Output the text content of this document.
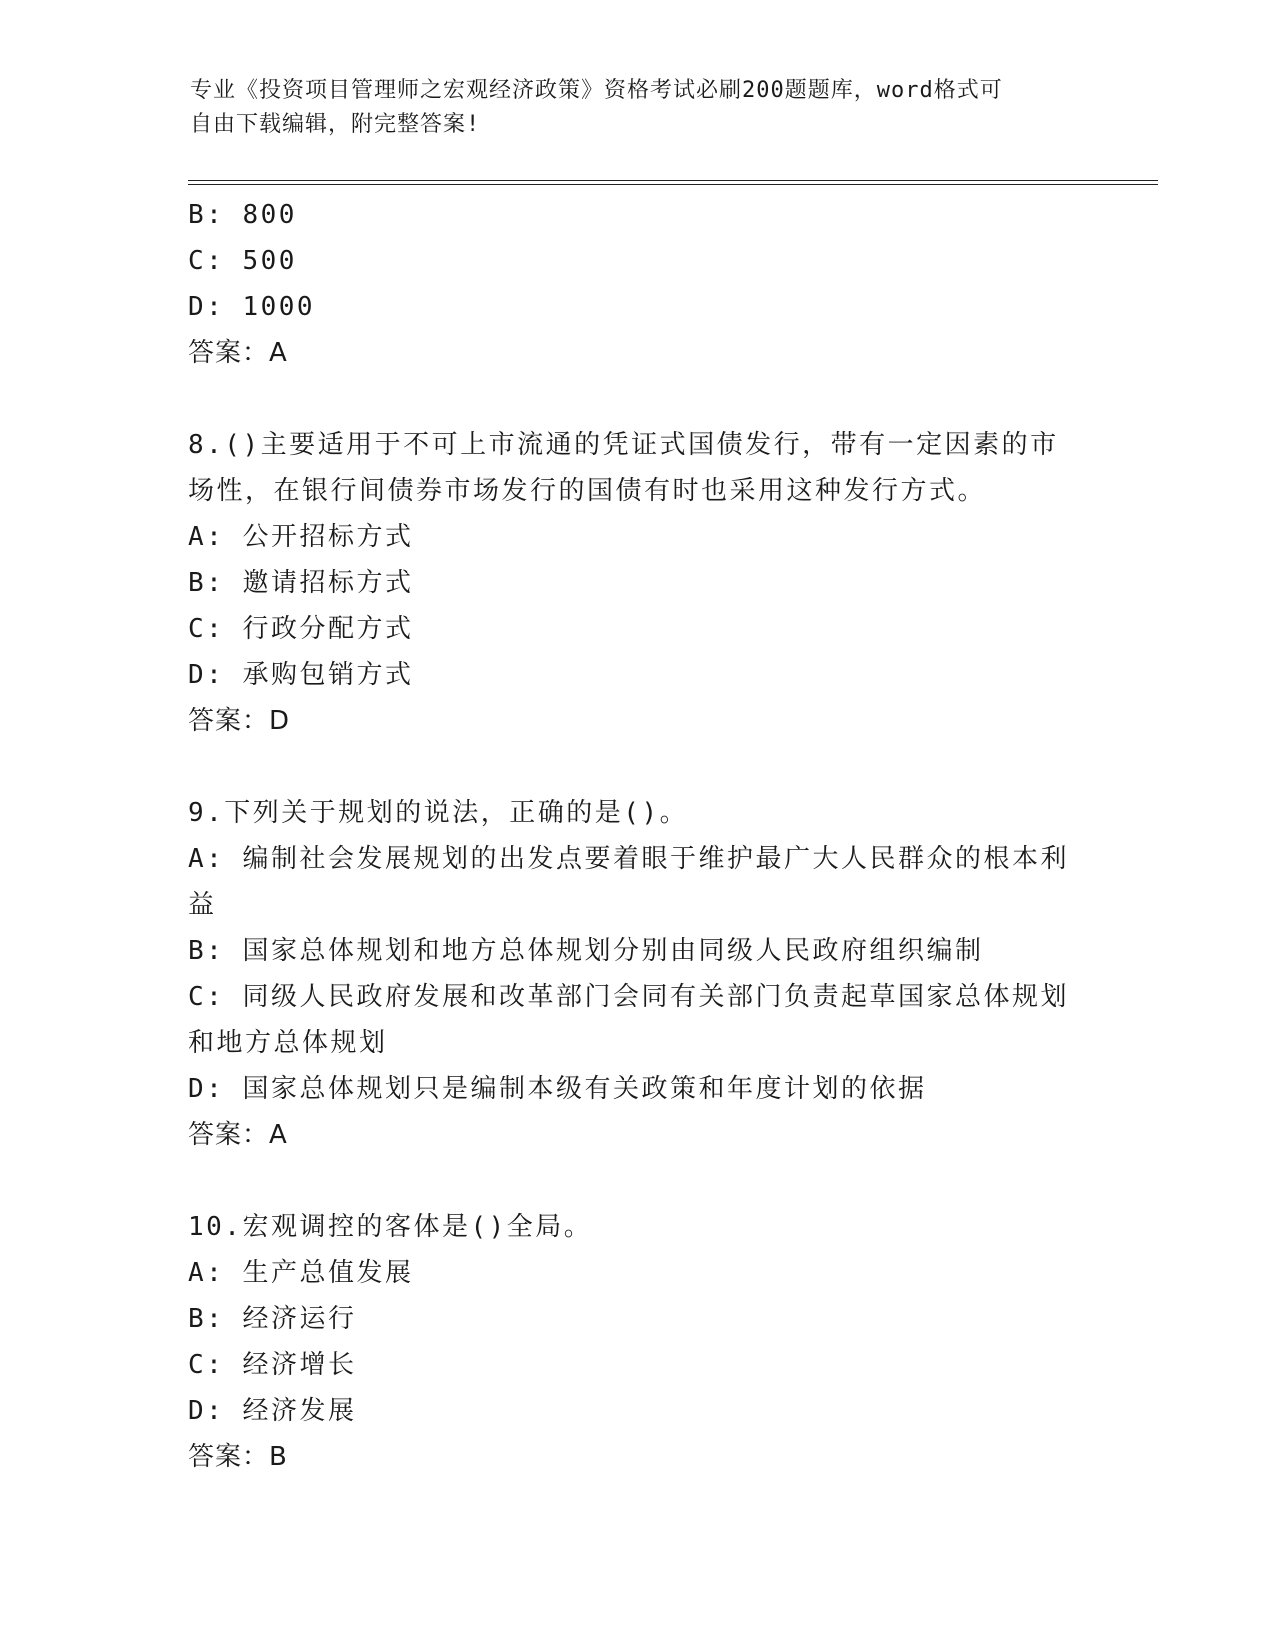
专业《投资项目管理师之宏观经济政策》资格考试必刷200题题库，word格式可
自由下载编辑，附完整答案!
B: 800
C: 500
D: 1000
答案：A
8.()主要适用于不可上市流通的凭证式国债发行，带有一定因素的市
场性，在银行间债券市场发行的国债有时也采用这种发行方式。
A: 公开招标方式
B: 邀请招标方式
C: 行政分配方式
D: 承购包销方式
答案：D
9.下列关于规划的说法，正确的是()。
A: 编制社会发展规划的出发点要着眼于维护最广大人民群众的根本利
益
B: 国家总体规划和地方总体规划分别由同级人民政府组织编制
C: 同级人民政府发展和改革部门会同有关部门负责起草国家总体规划
和地方总体规划
D: 国家总体规划只是编制本级有关政策和年度计划的依据
答案：A
10.宏观调控的客体是()全局。
A: 生产总值发展
B: 经济运行
C: 经济增长
D: 经济发展
答案：B
